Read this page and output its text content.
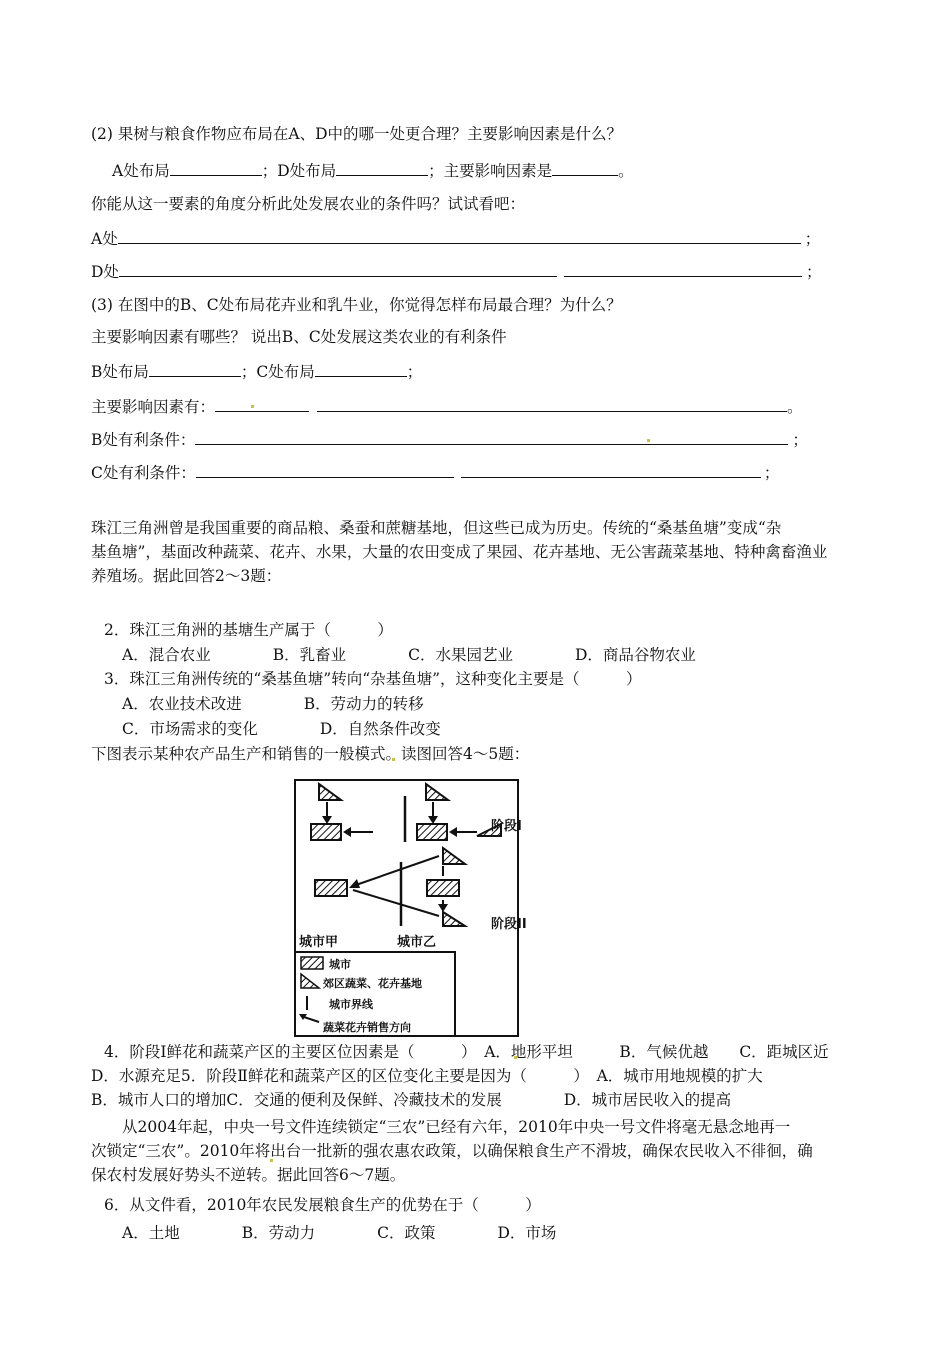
(2) 果树与粮食作物应布局在A、D中的哪一处更合理？主要影响因素是什么？
A处布局	；D处布局	；主要影响因素是	。
你能从这一要素的角度分析此处发展农业的条件吗？试试看吧：
A处	；
D处	；
(3) 在图中的B、C处布局花卉业和乳牛业，你觉得怎样布局最合理？为什么？
主要影响因素有哪些？ 说出B、C处发展这类农业的有利条件
B处布局	；C处布局	；
主要影响因素有：	。
B处有利条件：	；
C处有利条件：	；
珠江三角洲曾是我国重要的商品粮、桑蚕和蔗糖基地，但这些已成为历史。传统的“桑基鱼塘”变成“杂
基鱼塘”，基面改种蔬菜、花卉、水果，大量的农田变成了果园、花卉基地、无公害蔬菜基地、特种禽畜渔业
养殖场。据此回答2～3题：
2．珠江三角洲的基塘生产属于（　　　）
A．混合农业　　　　B．乳畜业　　　　C．水果园艺业　　　　D．商品谷物农业
3．珠江三角洲传统的“桑基鱼塘”转向“杂基鱼塘”，这种变化主要是（　　　）
A．农业技术改进　　　　B．劳动力的转移
C．市场需求的变化　　　　D．自然条件改变
下图表示某种农产品生产和销售的一般模式。读图回答4～5题：
阶段I
阶段II
城市甲	城市乙
城市
郊区蔬菜、花卉基地
城市界线
蔬菜花卉销售方向
4．阶段Ⅰ鲜花和蔬菜产区的主要区位因素是（　　　）　A．地形平坦　　　B．气候优越　　C．距城区近
D．水源充足5．阶段Ⅱ鲜花和蔬菜产区的区位变化主要是因为（　　　）　A．城市用地规模的扩大
B．城市人口的增加C．交通的便利及保鲜、冷藏技术的发展　　　　D．城市居民收入的提高
　　从2004年起，中央一号文件连续锁定“三农”已经有六年，2010年中央一号文件将毫无悬念地再一
次锁定“三农”。2010年将出台一批新的强农惠农政策，以确保粮食生产不滑坡，确保农民收入不徘徊，确
保农村发展好势头不逆转。据此回答6～7题。
6．从文件看，2010年农民发展粮食生产的优势在于（　　　）
A．土地　　　　B．劳动力　　　　C．政策　　　　D．市场
